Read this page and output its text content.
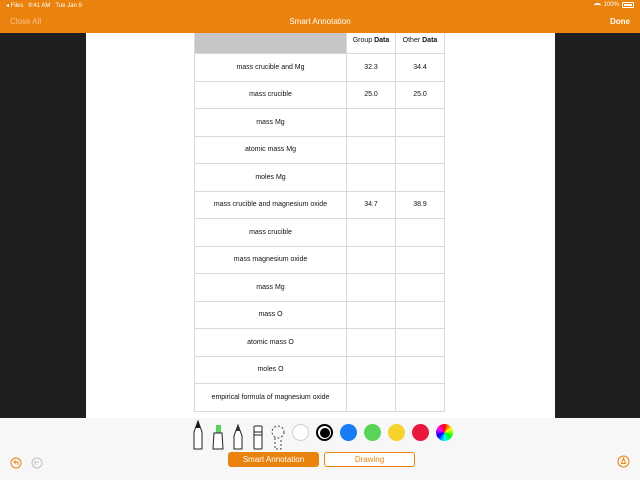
◂ Files 9:41 AM Tue Jan 9	100%
Close All	Smart Annotation	Done
	Group Data	Other Data
mass crucible and Mg	32.3	34.4
mass crucible	25.0	25.0
mass Mg		
atomic mass Mg		
moles Mg		
mass crucible and magnesium oxide	34.7	38.9
mass crucible		
mass magnesium oxide		
mass Mg		
mass O		
atomic mass O		
moles O		
empirical formula of magnesium oxide		
Smart Annotation	Drawing
